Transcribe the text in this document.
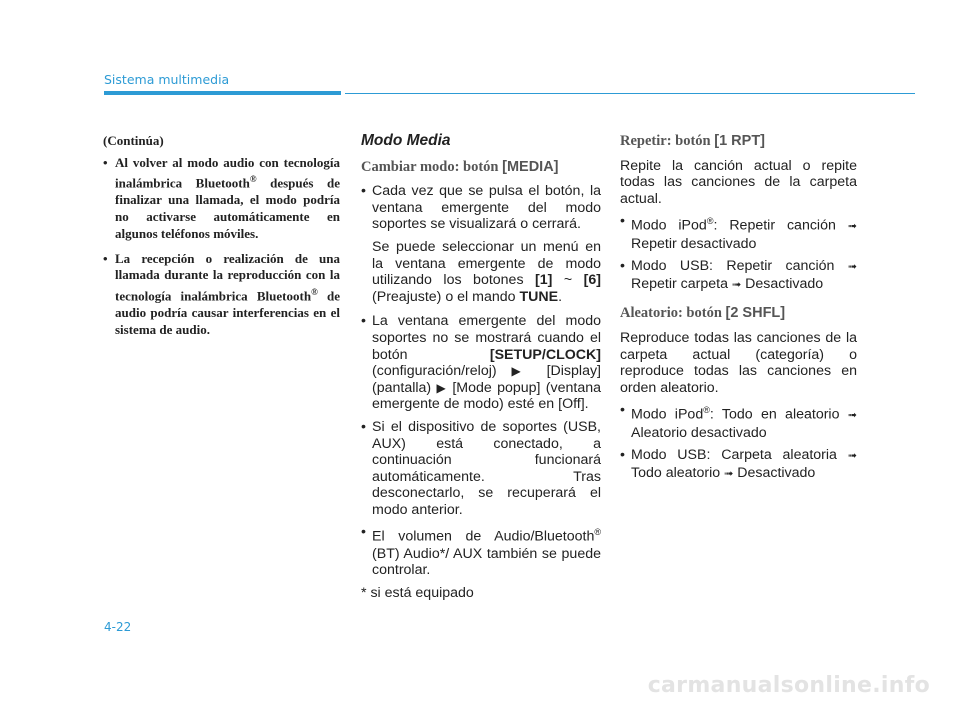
Sistema multimedia

(Continúa)

• Al volver al modo audio con tecnología inalámbrica Bluetooth® después de finalizar una llamada, el modo podría no activarse automáticamente en algunos teléfonos móviles.

• La recepción o realización de una llamada durante la reproducción con la tecnología inalámbrica Bluetooth® de audio podría causar interferencias en el sistema de audio.

Modo Media
Cambiar modo: botón [MEDIA]

• Cada vez que se pulsa el botón, la ventana emergente del modo soportes se visualizará o cerrará.

Se puede seleccionar un menú en la ventana emergente de modo utilizando los botones [1] ~ [6] (Preajuste) o el mando TUNE.

• La ventana emergente del modo soportes no se mostrará cuando el botón [SETUP/CLOCK] (configuración/reloj) ▶ [Display] (pantalla) ▶ [Mode popup] (ventana emergente de modo) esté en [Off].

• Si el dispositivo de soportes (USB, AUX) está conectado, a continuación funcionará automáticamente. Tras desconectarlo, se recuperará el modo anterior.

• El volumen de Audio/Bluetooth® (BT) Audio*/ AUX también se puede controlar.

* si está equipado

Repetir: botón [1 RPT]

Repite la canción actual o repite todas las canciones de la carpeta actual.

• Modo iPod®: Repetir canción ➟ Repetir desactivado

• Modo USB: Repetir canción ➟ Repetir carpeta ➟ Desactivado

Aleatorio: botón [2 SHFL]

Reproduce todas las canciones de la carpeta actual (categoría) o reproduce todas las canciones en orden aleatorio.

• Modo iPod®: Todo en aleatorio ➟ Aleatorio desactivado

• Modo USB: Carpeta aleatoria ➟ Todo aleatorio ➟ Desactivado

4-22
carmanualsonline.info
